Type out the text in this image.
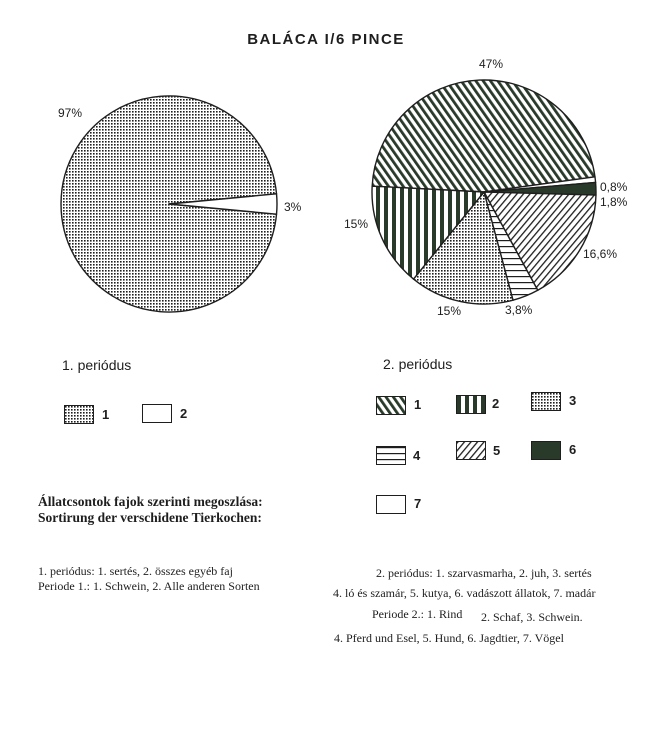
BALÁCA I/6 PINCE
97%
3%
47%
0,8%
1,8%
16,6%
3,8%
15%
15%
1. periódus
1	2
2. periódus
1	2	3
4	5	6
7
Állatcsontok fajok szerinti megoszlása:
Sortirung der verschidene Tierkochen:
1. periódus: 1. sertés, 2. összes egyéb faj
Periode 1.: 1. Schwein, 2. Alle anderen Sorten
2. periódus: 1. szarvasmarha, 2. juh, 3. sertés
4. ló és szamár, 5. kutya, 6. vadászott állatok, 7. madár
Periode 2.: 1. Rind 2. Schaf, 3. Schwein.
4. Pferd und Esel, 5. Hund, 6. Jagdtier, 7. Vögel
